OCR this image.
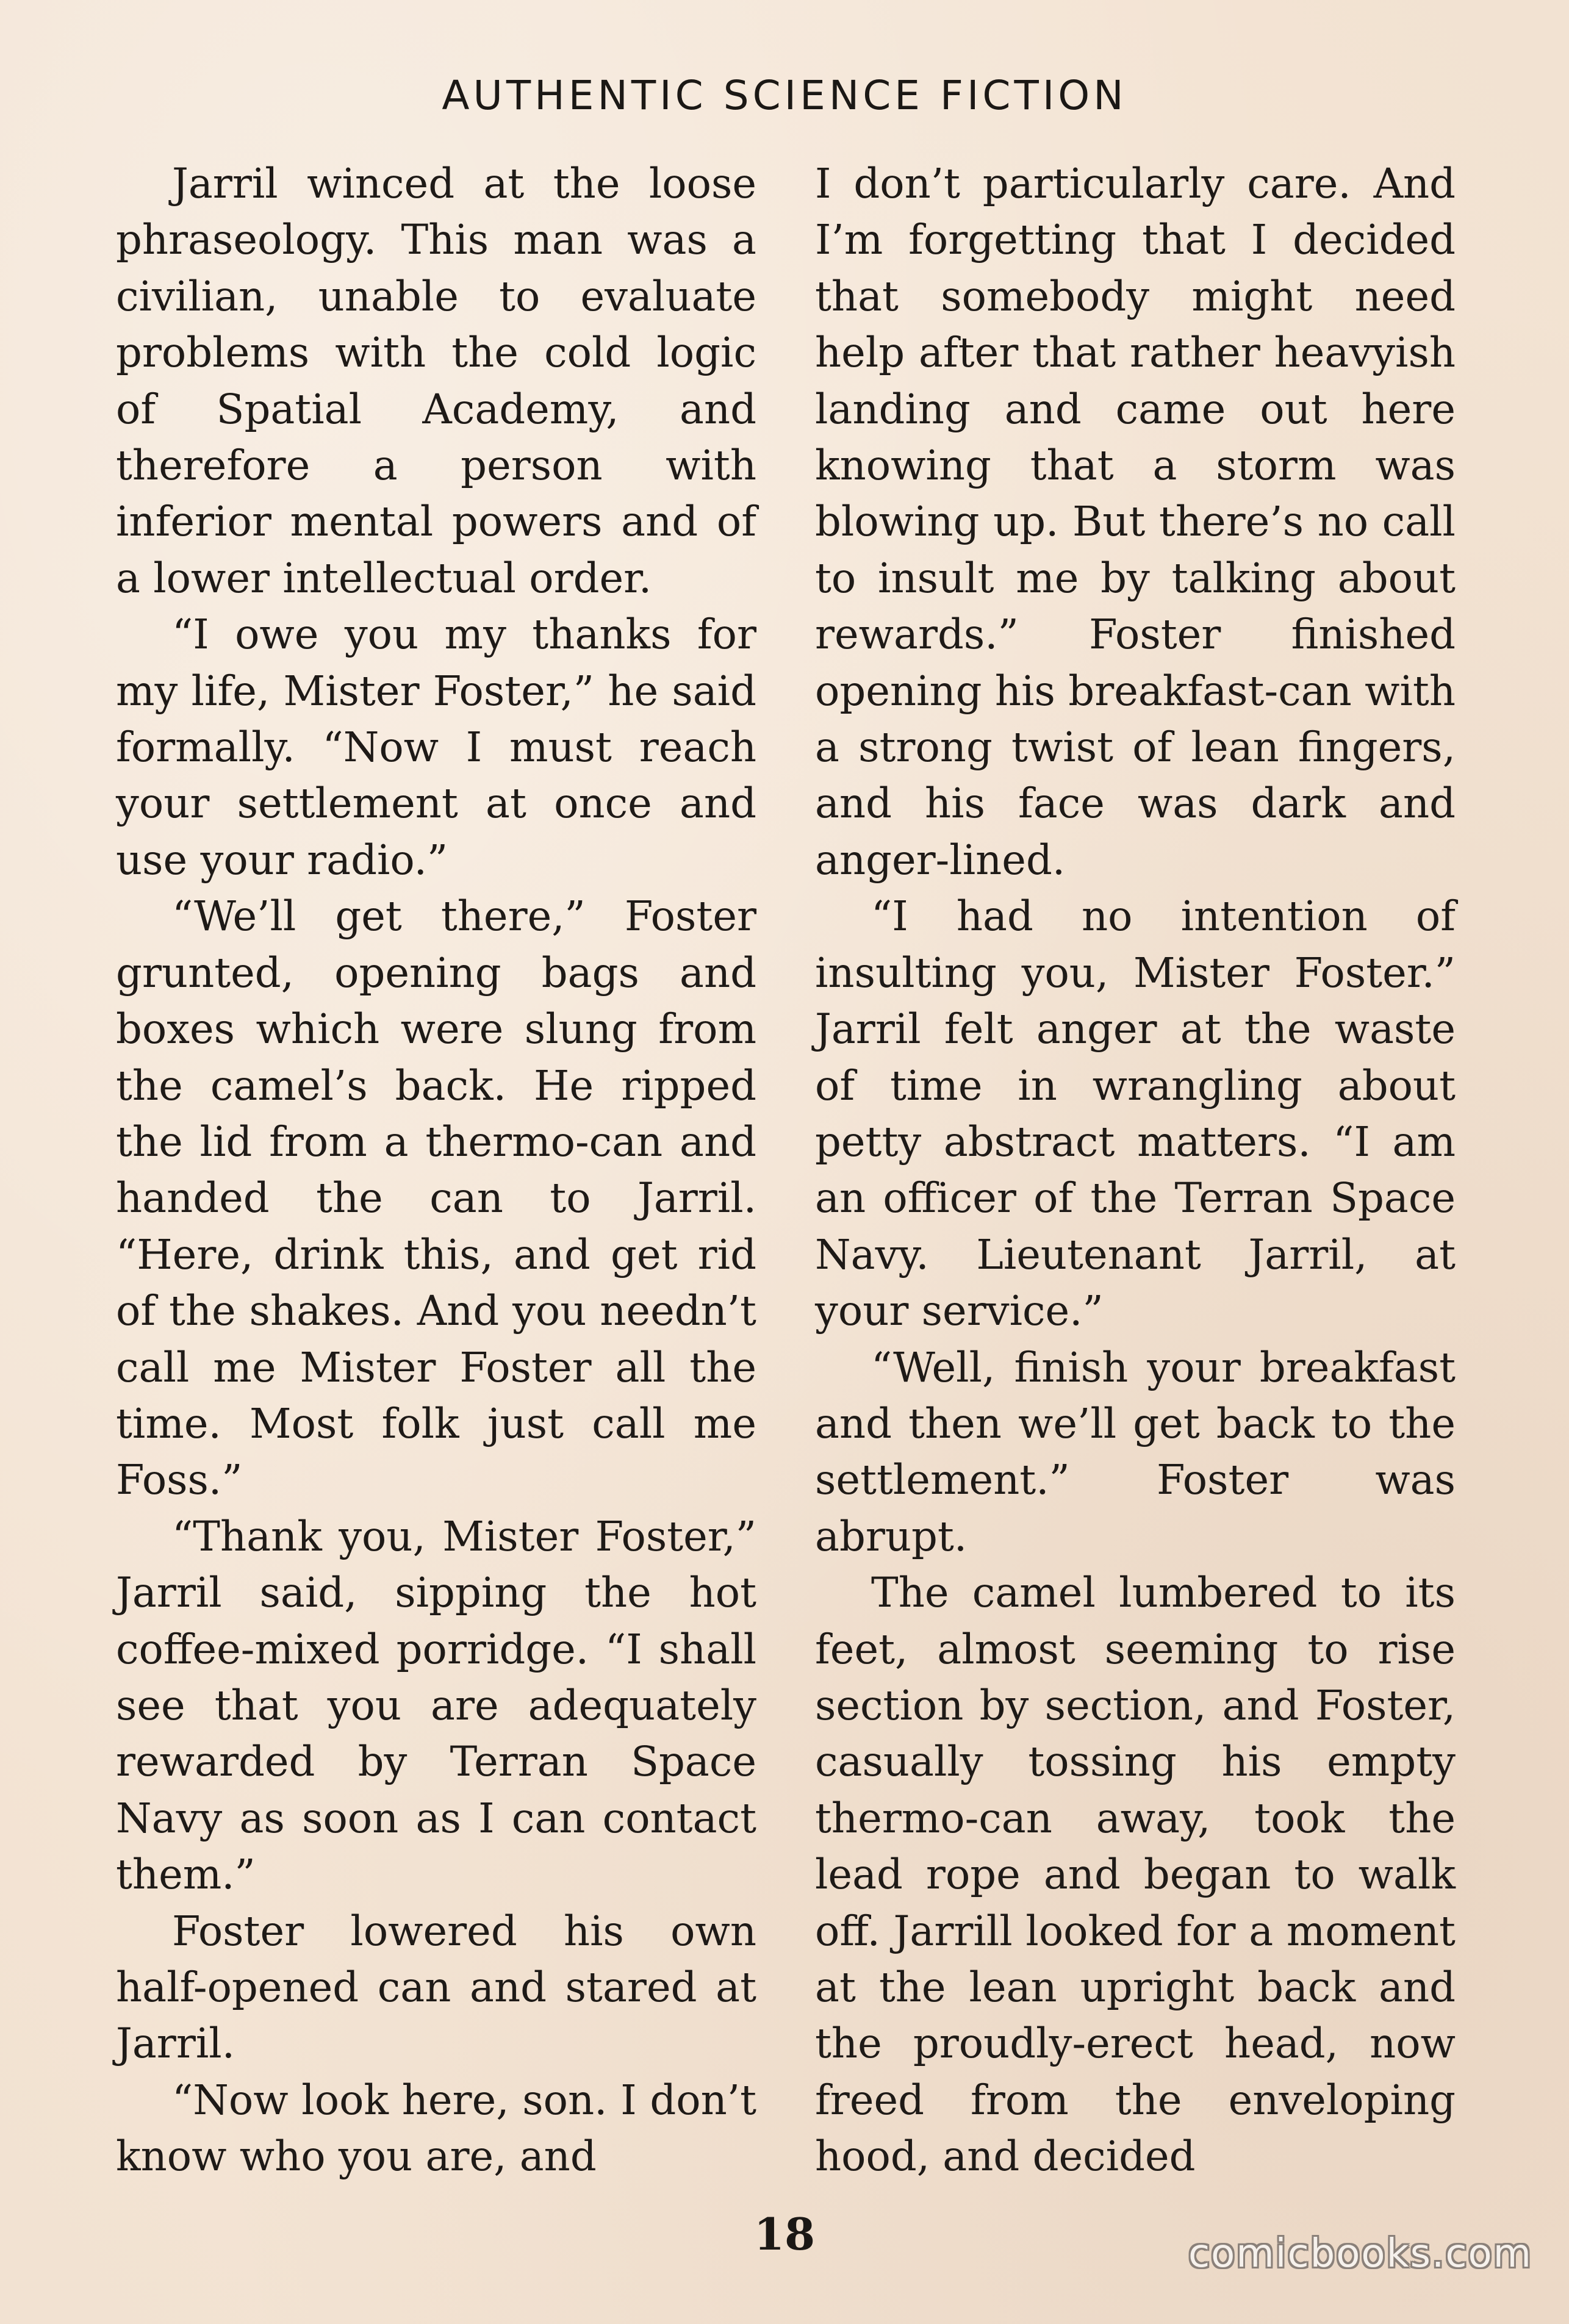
AUTHENTIC SCIENCE FICTION

Jarril winced at the loose phraseology. This man was a civilian, unable to evaluate problems with the cold logic of Spatial Academy, and therefore a person with inferior mental powers and of a lower intellectual order.

“I owe you my thanks for my life, Mister Foster,” he said formally. “Now I must reach your settlement at once and use your radio.”

“We’ll get there,” Foster grunted, opening bags and boxes which were slung from the camel’s back. He ripped the lid from a thermo-can and handed the can to Jarril. “Here, drink this, and get rid of the shakes. And you needn’t call me Mister Foster all the time. Most folk just call me Foss.”

“Thank you, Mister Foster,” Jarril said, sipping the hot coffee-mixed porridge. “I shall see that you are adequately rewarded by Terran Space Navy as soon as I can contact them.”

Foster lowered his own half-opened can and stared at Jarril.

“Now look here, son. I don’t know who you are, and

I don’t particularly care. And I’m forgetting that I decided that somebody might need help after that rather heavyish landing and came out here knowing that a storm was blowing up. But there’s no call to insult me by talking about rewards.” Foster finished opening his breakfast-can with a strong twist of lean fingers, and his face was dark and anger-lined.

“I had no intention of insulting you, Mister Foster.” Jarril felt anger at the waste of time in wrangling about petty abstract matters. “I am an officer of the Terran Space Navy. Lieutenant Jarril, at your service.”

“Well, finish your breakfast and then we’ll get back to the settlement.” Foster was abrupt.

The camel lumbered to its feet, almost seeming to rise section by section, and Foster, casually tossing his empty thermo-can away, took the lead rope and began to walk off. Jarrill looked for a moment at the lean upright back and the proudly-erect head, now freed from the enveloping hood, and decided

18	comicbooks.com
